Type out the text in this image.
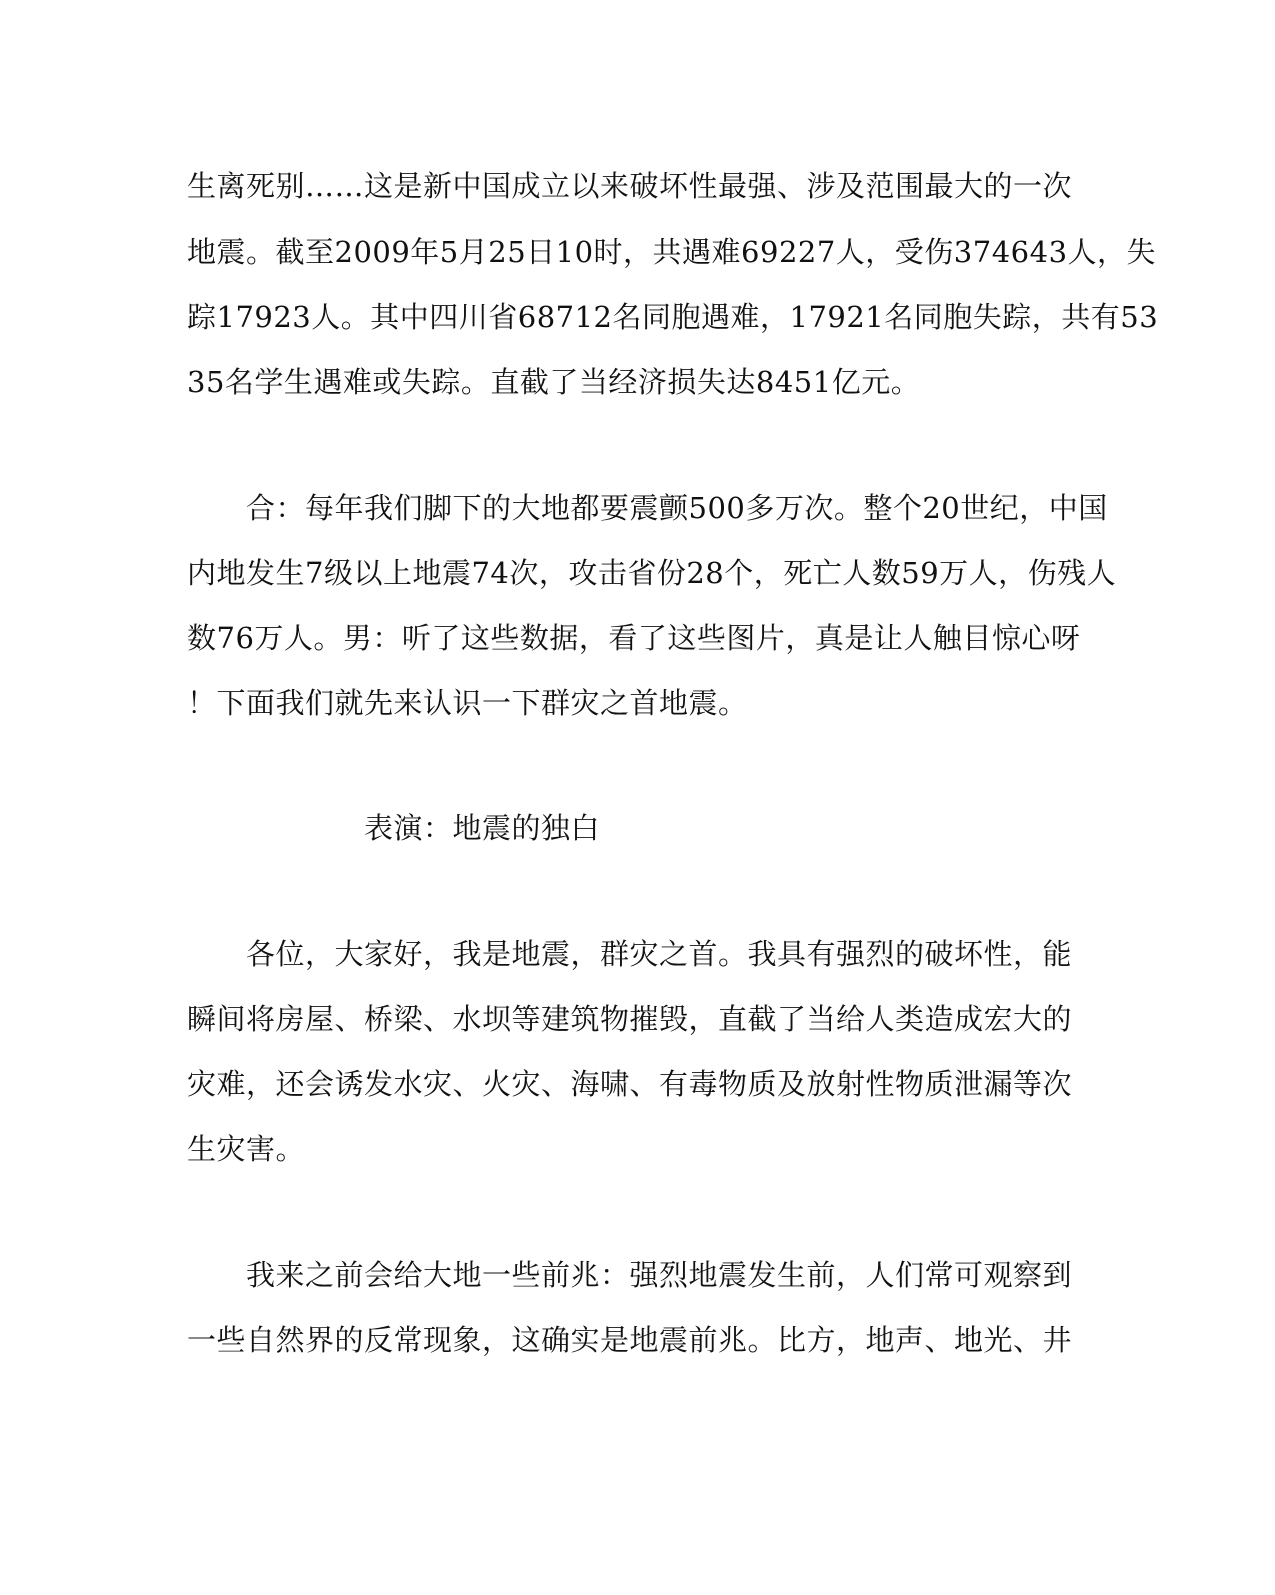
生离死别……这是新中国成立以来破坏性最强、涉及范围最大的一次
地震。截至2009年5月25日10时，共遇难69227人，受伤374643人，失
踪17923人。其中四川省68712名同胞遇难，17921名同胞失踪，共有53
35名学生遇难或失踪。直截了当经济损失达8451亿元。
　　合：每年我们脚下的大地都要震颤500多万次。整个20世纪，中国
内地发生7级以上地震74次，攻击省份28个，死亡人数59万人，伤残人
数76万人。男：听了这些数据，看了这些图片，真是让人触目惊心呀
！下面我们就先来认识一下群灾之首地震。
　　　　　　表演：地震的独白
　　各位，大家好，我是地震，群灾之首。我具有强烈的破坏性，能
瞬间将房屋、桥梁、水坝等建筑物摧毁，直截了当给人类造成宏大的
灾难，还会诱发水灾、火灾、海啸、有毒物质及放射性物质泄漏等次
生灾害。
　　我来之前会给大地一些前兆：强烈地震发生前，人们常可观察到
一些自然界的反常现象，这确实是地震前兆。比方，地声、地光、井
